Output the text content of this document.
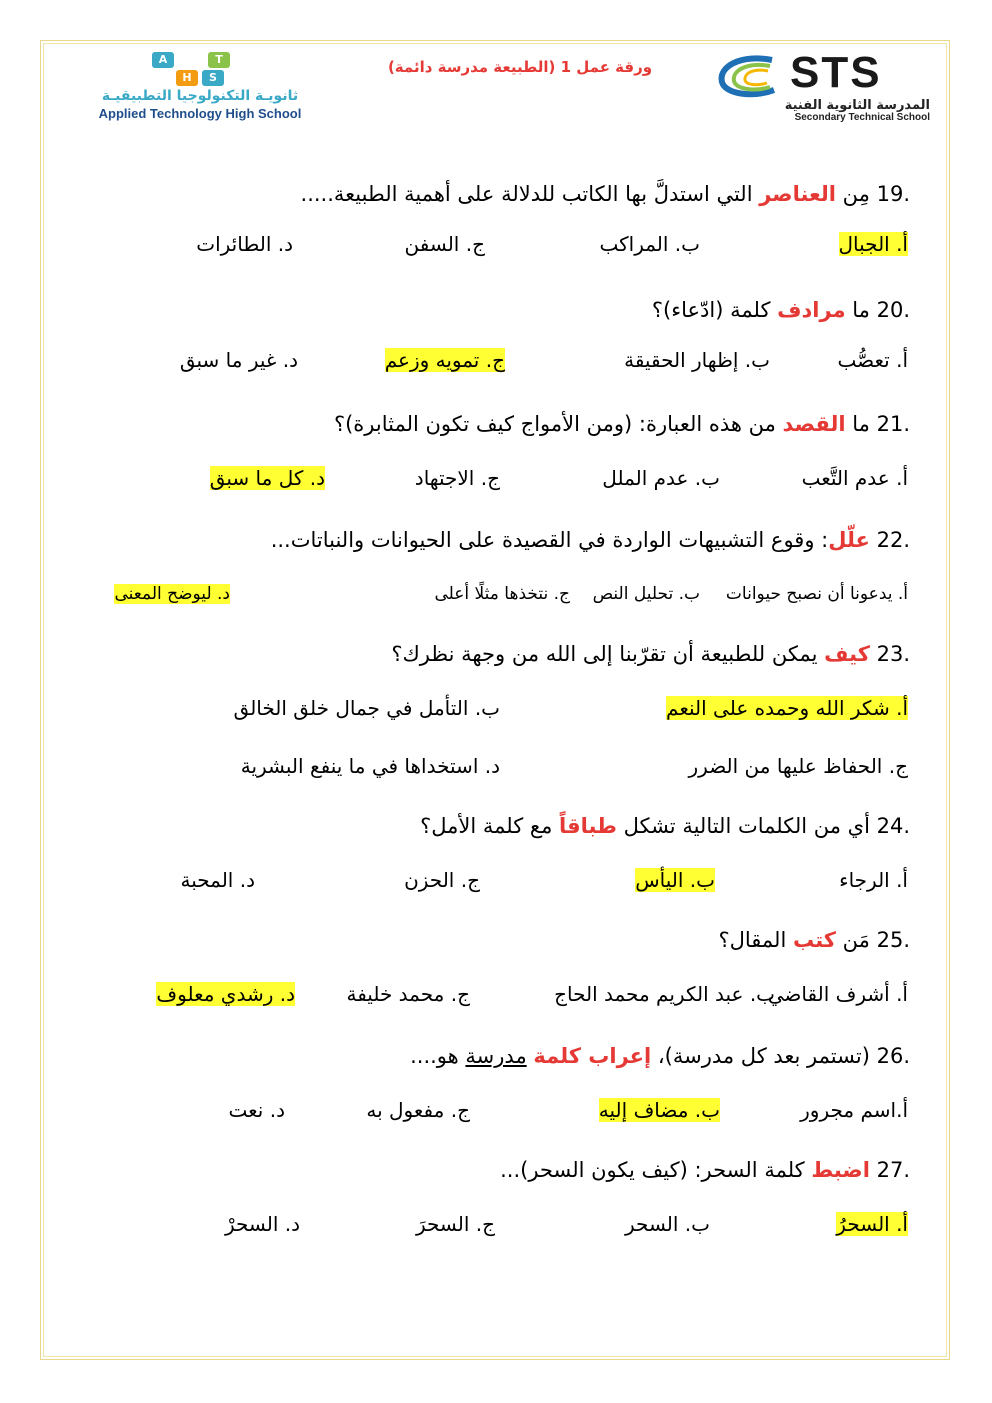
A	T
H	S
ثانويـة التكنولوجيا التطبيقيـة
Applied Technology High School
ورقة عمل 1 (الطبيعة مدرسة دائمة)	STS
المدرسة الثانوية الفنية
Secondary Technical School
19. مِن العناصر التي استدلَّ بها الكاتب للدلالة على أهمية الطبيعة.....
أ. الجبال
ب. المراكب
ج. السفن
د. الطائرات
20. ما مرادف كلمة (ادّعاء)؟
أ. تعصُّب
ب. إظهار الحقيقة
ج. تمويه وزعم
د. غير ما سبق
21. ما القصد من هذه العبارة: (ومن الأمواج كيف تكون المثابرة)؟
أ. عدم التَّعب
ب. عدم الملل
ج. الاجتهاد
د. كل ما سبق
22. علّل: وقوع التشبيهات الواردة في القصيدة على الحيوانات والنباتات...
أ. يدعونا أن نصبح حيوانات
ب. تحليل النص
ج. نتخذها مثلًا أعلى
د. ليوضح المعنى
23. كيف يمكن للطبيعة أن تقرّبنا إلى الله من وجهة نظرك؟
أ. شكر الله وحمده على النعم
ب. التأمل في جمال خلق الخالق
ج. الحفاظ عليها من الضرر
د. استخداها في ما ينفع البشرية
24. أي من الكلمات التالية تشكل طباقاً مع كلمة الأمل؟
أ. الرجاء
ب. اليأس
ج. الحزن
د. المحبة
25. مَن كتب المقال؟
أ. أشرف القاضي
ب. عبد الكريم محمد الحاج
ج. محمد خليفة
د. رشدي معلوف
26. (تستمر بعد كل مدرسة)، إعراب كلمة مدرسة هو....
أ.اسم مجرور
ب. مضاف إليه
ج. مفعول به
د. نعت
27. اضبط كلمة السحر: (كيف يكون السحر)...
أ. السحرُ
ب. السحر
ج. السحرَ
د. السحرْ
